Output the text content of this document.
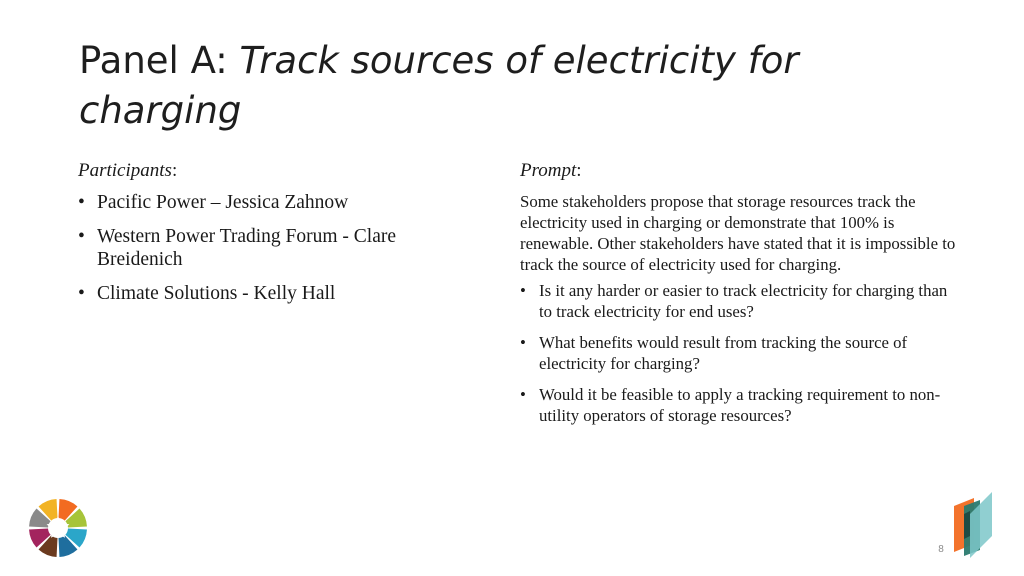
Panel A: Track sources of electricity for charging

Participants:

• Pacific Power – Jessica Zahnow
• Western Power Trading Forum - Clare Breidenich
• Climate Solutions - Kelly Hall

Prompt:

Some stakeholders propose that storage resources track the electricity used in charging or demonstrate that 100% is renewable. Other stakeholders have stated that it is impossible to track the source of electricity used for charging.

• Is it any harder or easier to track electricity for charging than to track electricity for end uses?
• What benefits would result from tracking the source of electricity for charging?
• Would it be feasible to apply a tracking requirement to non-utility operators of storage resources?
8
